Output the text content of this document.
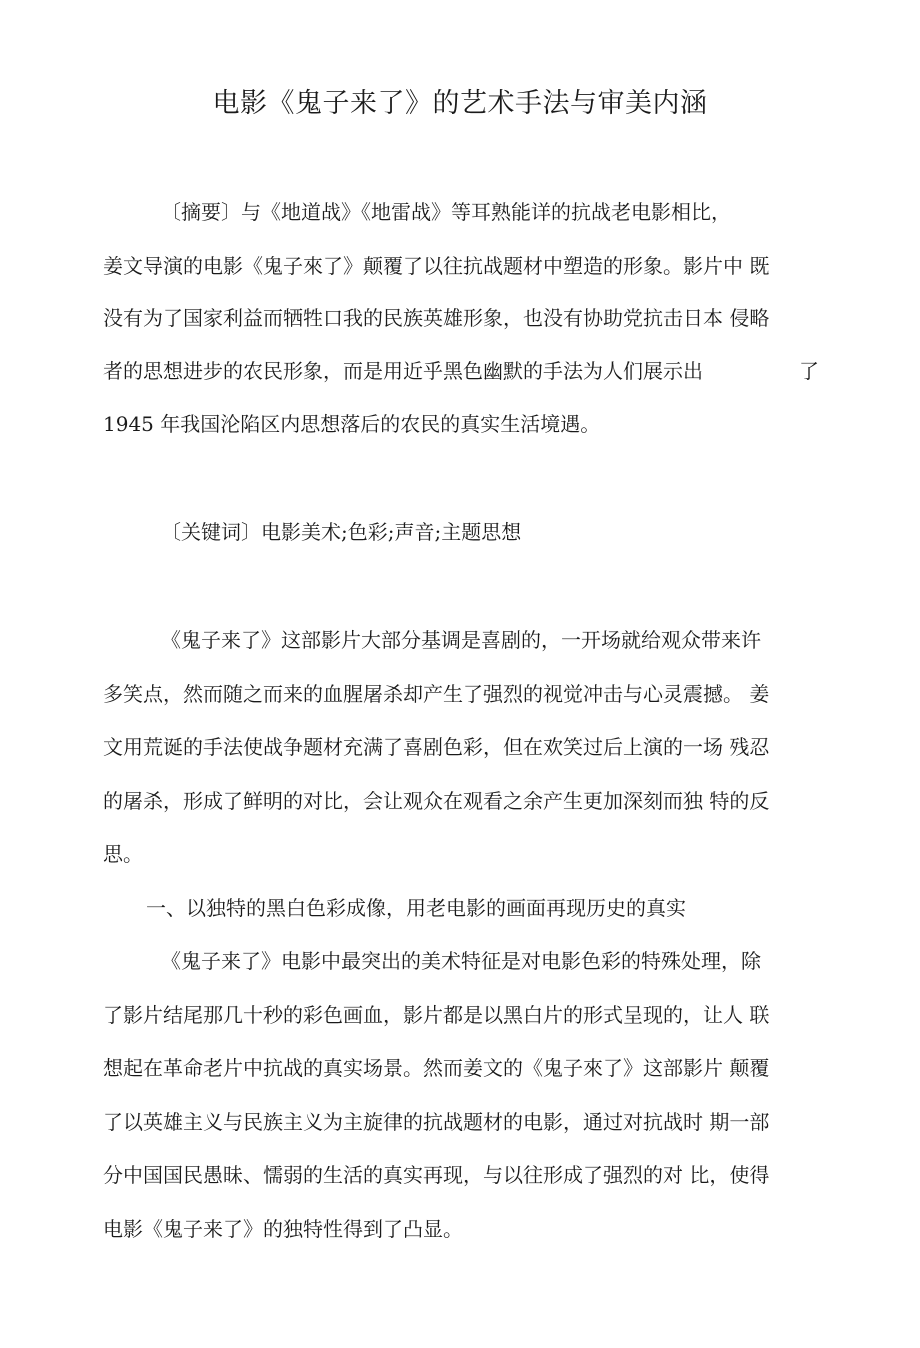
电影《鬼子来了》的艺术手法与审美内涵

〔摘要〕与《地道战》《地雷战》等耳熟能详的抗战老电影相比，

姜文导演的电影《鬼子來了》颠覆了以往抗战题材中塑造的形象。影片中 既

没有为了国家利益而牺牲口我的民族英雄形象，也没有协助党抗击日本 侵略

者的思想进步的农民形象，而是用近乎黑色幽默的手法为人们展示出	了

1945 年我国沦陷区内思想落后的农民的真实生活境遇。

〔关键词〕电影美术;色彩;声音;主题思想

《鬼子来了》这部影片大部分基调是喜剧的，一开场就给观众带来许

多笑点，然而随之而来的血腥屠杀却产生了强烈的视觉冲击与心灵震撼。 姜

文用荒诞的手法使战争题材充满了喜剧色彩，但在欢笑过后上演的一场 残忍

的屠杀，形成了鲜明的对比，会让观众在观看之余产生更加深刻而独 特的反

思。

一、以独特的黑白色彩成像，用老电影的画面再现历史的真实

《鬼子来了》电影中最突出的美术特征是对电影色彩的特殊处理，除

了影片结尾那几十秒的彩色画血，影片都是以黑白片的形式呈现的，让人 联

想起在革命老片中抗战的真实场景。然而姜文的《鬼子來了》这部影片 颠覆

了以英雄主义与民族主义为主旋律的抗战题材的电影，通过对抗战时 期一部

分中国国民愚昧、懦弱的生活的真实再现，与以往形成了强烈的对 比，使得

电影《鬼子来了》的独特性得到了凸显。
